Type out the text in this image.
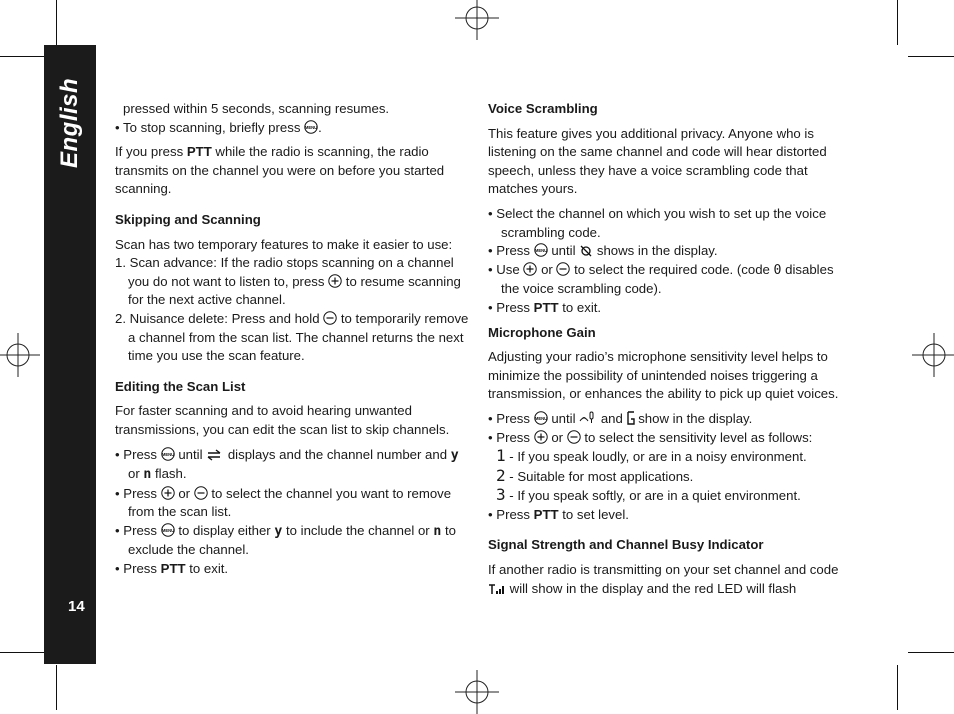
English
14

pressed within 5 seconds, scanning resumes.

• To stop scanning, briefly press .

If you press PTT while the radio is scanning, the radio transmits on the channel you were on before you started scanning.

Skipping and Scanning

Scan has two temporary features to make it easier to use:

1. Scan advance: If the radio stops scanning on a channel you do not want to listen to, press  to resume scanning for the next active channel.

2. Nuisance delete: Press and hold  to temporarily remove a channel from the scan list. The channel returns the next time you use the scan feature.

Editing the Scan List

For faster scanning and to avoid hearing unwanted transmissions, you can edit the scan list to skip channels.

• Press  until  displays and the channel number and y or n flash.

• Press  or  to select the channel you want to remove from the scan list.

• Press  to display either y to include the channel or n to exclude the channel.

• Press PTT to exit.

Voice Scrambling

This feature gives you additional privacy. Anyone who is listening on the same channel and code will hear distorted speech, unless they have a voice scrambling code that matches yours.

• Select the channel on which you wish to set up the voice scrambling code.

• Press  until  shows in the display.

• Use  or  to select the required code. (code 0 disables the voice scrambling code).

• Press PTT to exit.

Microphone Gain

Adjusting your radio’s microphone sensitivity level helps to minimize the possibility of unintended noises triggering a transmission, or enhances the ability to pick up quiet voices.

• Press  until  and  show in the display.

• Press  or  to select the sensitivity level as follows:

1 - If you speak loudly, or are in a noisy environment.

2 - Suitable for most applications.

3 - If you speak softly, or are in a quiet environment.

• Press PTT to set level.

Signal Strength and Channel Busy Indicator

If another radio is transmitting on your set channel and code  will show in the display and the red LED will flash
